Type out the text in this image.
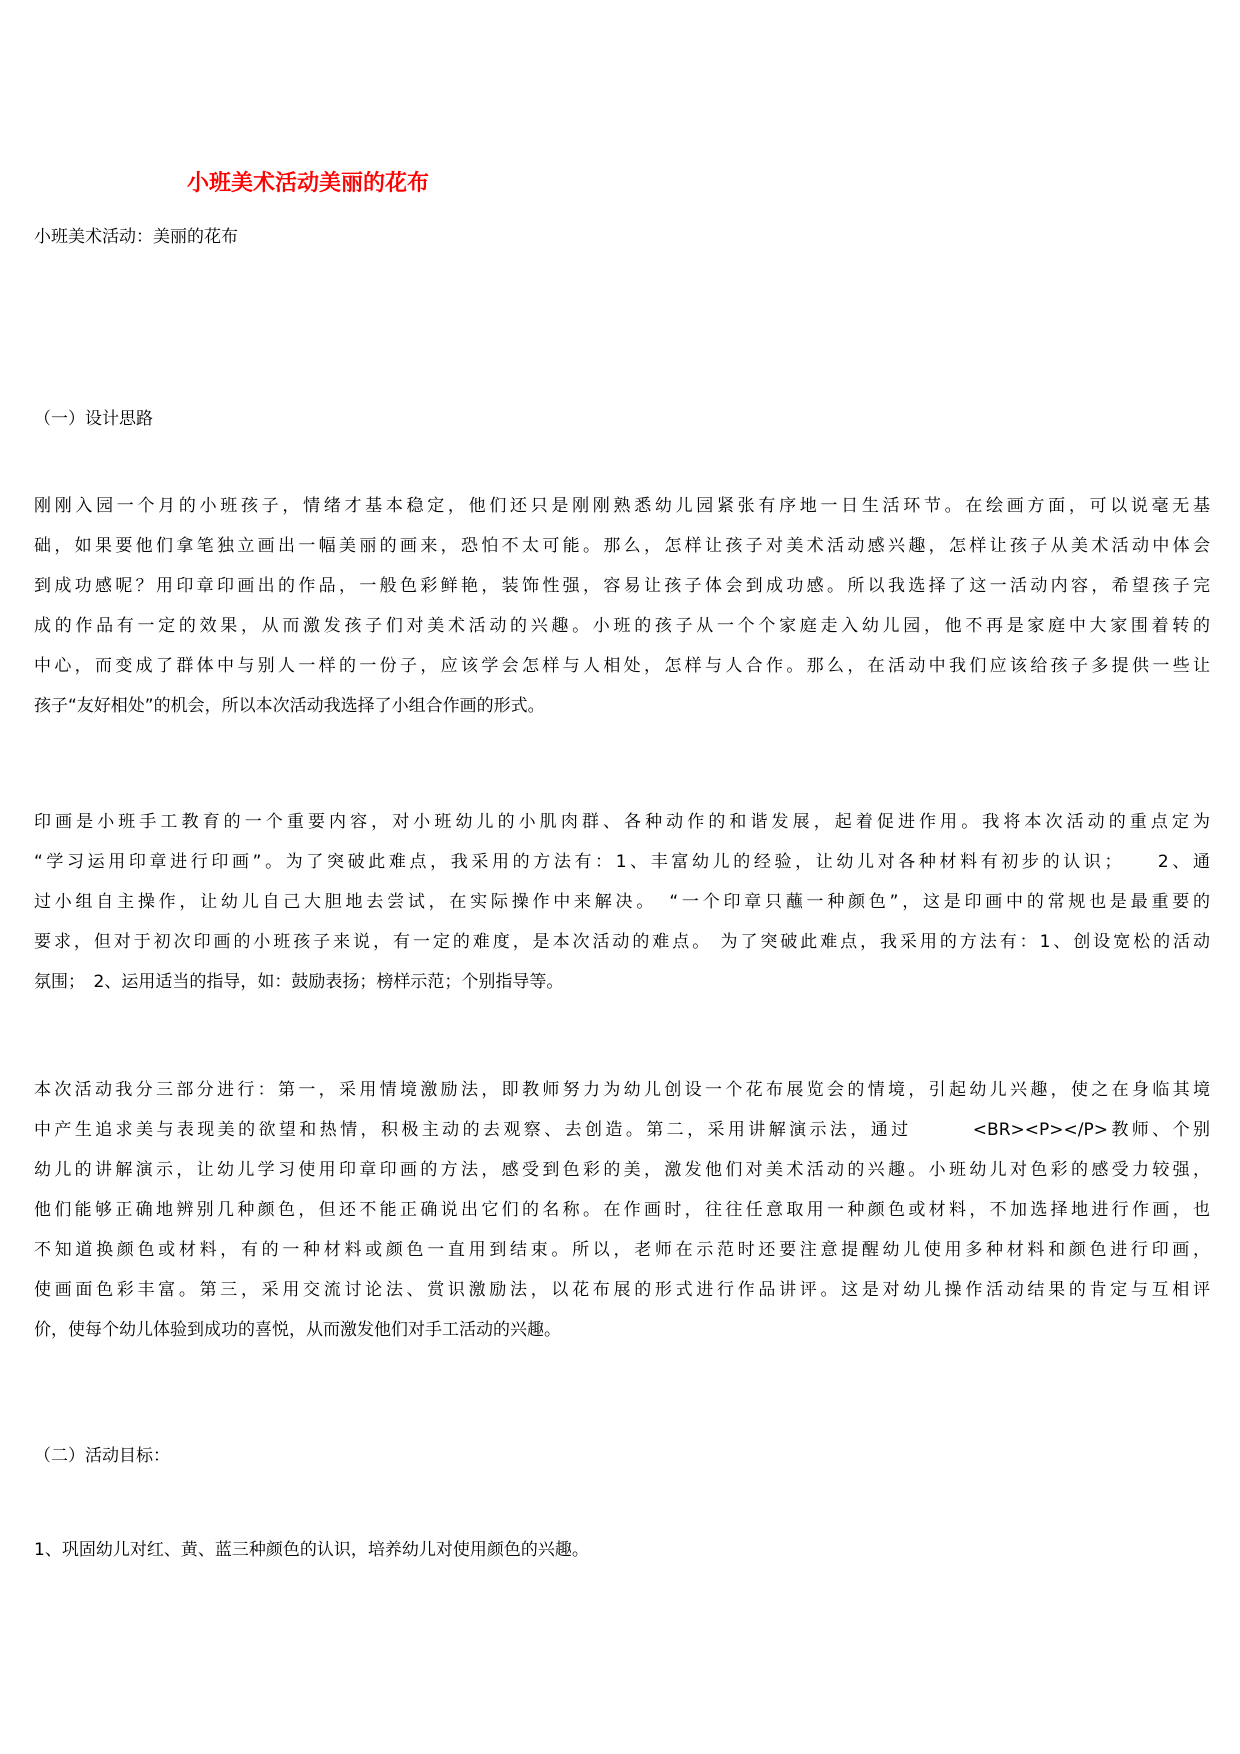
小班美术活动美丽的花布
小班美术活动：美丽的花布
（一）设计思路
刚刚入园一个月的小班孩子，情绪才基本稳定，他们还只是刚刚熟悉幼儿园紧张有序地一日生活环节。在绘画方面，可以说毫无基
础，如果要他们拿笔独立画出一幅美丽的画来，恐怕不太可能。那么，怎样让孩子对美术活动感兴趣，怎样让孩子从美术活动中体会
到成功感呢？用印章印画出的作品，一般色彩鲜艳，装饰性强，容易让孩子体会到成功感。所以我选择了这一活动内容，希望孩子完
成的作品有一定的效果，从而激发孩子们对美术活动的兴趣。小班的孩子从一个个家庭走入幼儿园，他不再是家庭中大家围着转的
中心，而变成了群体中与别人一样的一份子，应该学会怎样与人相处，怎样与人合作。那么，在活动中我们应该给孩子多提供一些让
孩子“友好相处”的机会，所以本次活动我选择了小组合作画的形式。
印画是小班手工教育的一个重要内容，对小班幼儿的小肌肉群、各种动作的和谐发展，起着促进作用。我将本次活动的重点定为
“学习运用印章进行印画”。为了突破此难点，我采用的方法有：1、丰富幼儿的经验，让幼儿对各种材料有初步的认识；　　2、通
过小组自主操作，让幼儿自己大胆地去尝试，在实际操作中来解决。　“一个印章只蘸一种颜色”，这是印画中的常规也是最重要的
要求，但对于初次印画的小班孩子来说，有一定的难度，是本次活动的难点。 为了突破此难点，我采用的方法有：1、创设宽松的活动
氛围；　2、运用适当的指导，如：鼓励表扬；榜样示范；个别指导等。
本次活动我分三部分进行：第一，采用情境激励法，即教师努力为幼儿创设一个花布展览会的情境，引起幼儿兴趣，使之在身临其境
中产生追求美与表现美的欲望和热情，积极主动的去观察、去创造。第二，采用讲解演示法，通过　　　<BR><P></P>教师、个别
幼儿的讲解演示，让幼儿学习使用印章印画的方法，感受到色彩的美，激发他们对美术活动的兴趣。小班幼儿对色彩的感受力较强，
他们能够正确地辨别几种颜色，但还不能正确说出它们的名称。在作画时，往往任意取用一种颜色或材料，不加选择地进行作画，也
不知道换颜色或材料，有的一种材料或颜色一直用到结束。所以，老师在示范时还要注意提醒幼儿使用多种材料和颜色进行印画，
使画面色彩丰富。第三，采用交流讨论法、赏识激励法，以花布展的形式进行作品讲评。这是对幼儿操作活动结果的肯定与互相评
价，使每个幼儿体验到成功的喜悦，从而激发他们对手工活动的兴趣。
（二）活动目标：
1、巩固幼儿对红、黄、蓝三种颜色的认识，培养幼儿对使用颜色的兴趣。
